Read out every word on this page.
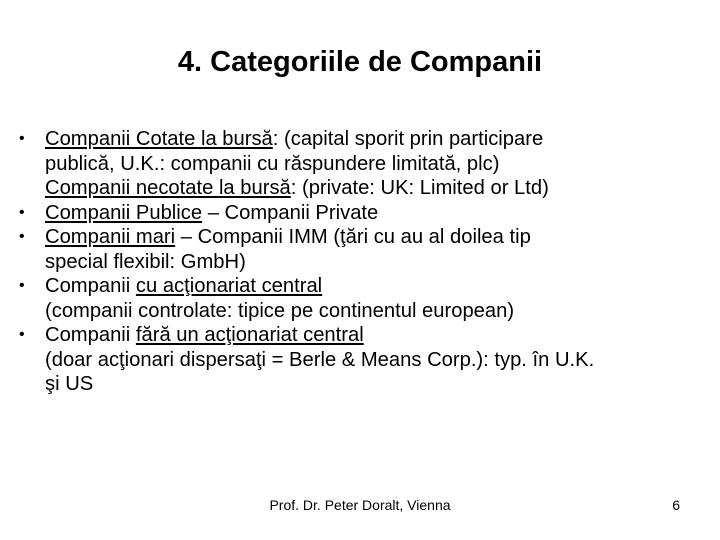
4. Categoriile de Companii
• Companii Cotate la bursă: (capital sporit prin participare
publică, U.K.: companii cu răspundere limitată, plc)
Companii necotate la bursă: (private: UK: Limited or Ltd)
• Companii Publice – Companii Private
• Companii mari – Companii IMM (ţări cu au al doilea tip
special flexibil: GmbH)
• Companii cu acţionariat central
(companii controlate: tipice pe continentul european)
• Companii fără un acţionariat central
(doar acţionari dispersaţi = Berle & Means Corp.): typ. în U.K.
şi US
Prof. Dr. Peter Doralt, Vienna	6
